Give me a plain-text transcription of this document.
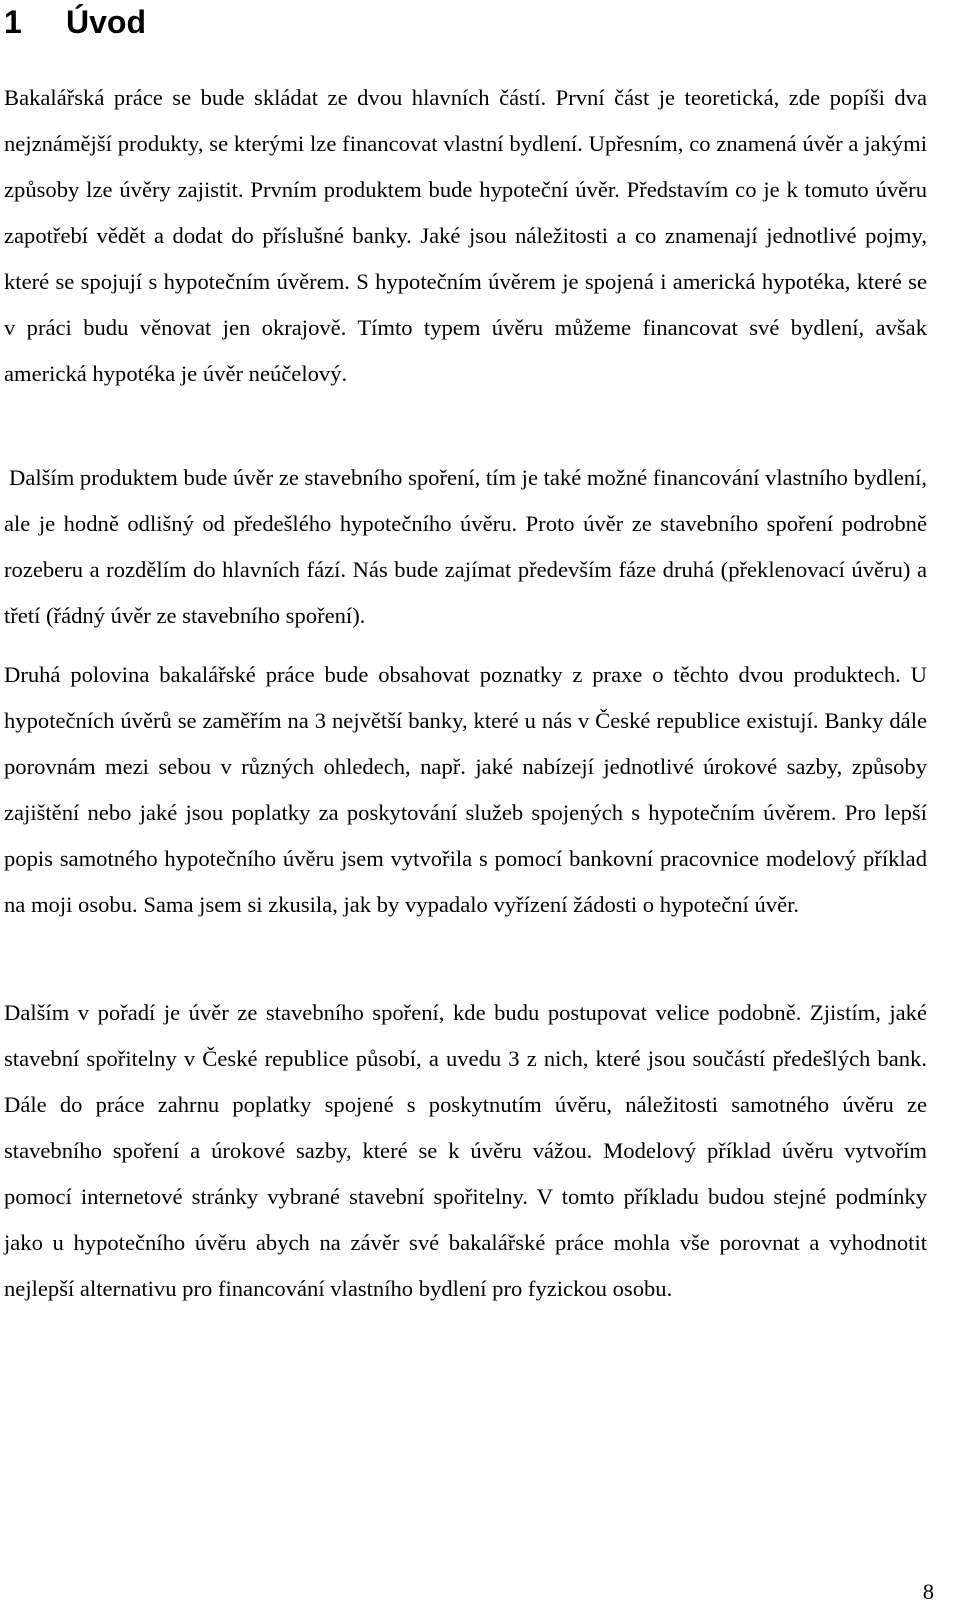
1 Úvod

Bakalářská práce se bude skládat ze dvou hlavních částí. První část je teoretická, zde popíši dva nejznámější produkty, se kterými lze financovat vlastní bydlení. Upřesním, co znamená úvěr a jakými způsoby lze úvěry zajistit. Prvním produktem bude hypoteční úvěr. Představím co je k tomuto úvěru zapotřebí vědět a dodat do příslušné banky. Jaké jsou náležitosti a co znamenají jednotlivé pojmy, které se spojují s hypotečním úvěrem. S hypotečním úvěrem je spojená i americká hypotéka, které se v práci budu věnovat jen okrajově. Tímto typem úvěru můžeme financovat své bydlení, avšak americká hypotéka je úvěr neúčelový.

Dalším produktem bude úvěr ze stavebního spoření, tím je také možné financování vlastního bydlení, ale je hodně odlišný od předešlého hypotečního úvěru. Proto úvěr ze stavebního spoření podrobně rozeberu a rozdělím do hlavních fází. Nás bude zajímat především fáze druhá (překlenovací úvěru) a třetí (řádný úvěr ze stavebního spoření).

Druhá polovina bakalářské práce bude obsahovat poznatky z praxe o těchto dvou produktech. U hypotečních úvěrů se zaměřím na 3 největší banky, které u nás v České republice existují. Banky dále porovnám mezi sebou v různých ohledech, např. jaké nabízejí jednotlivé úrokové sazby, způsoby zajištění nebo jaké jsou poplatky za poskytování služeb spojených s hypotečním úvěrem. Pro lepší popis samotného hypotečního úvěru jsem vytvořila s pomocí bankovní pracovnice modelový příklad na moji osobu. Sama jsem si zkusila, jak by vypadalo vyřízení žádosti o hypoteční úvěr.

Dalším v pořadí je úvěr ze stavebního spoření, kde budu postupovat velice podobně. Zjistím, jaké stavební spořitelny v České republice působí, a uvedu 3 z nich, které jsou součástí předešlých bank. Dále do práce zahrnu poplatky spojené s poskytnutím úvěru, náležitosti samotného úvěru ze stavebního spoření a úrokové sazby, které se k úvěru vážou. Modelový příklad úvěru vytvořím pomocí internetové stránky vybrané stavební spořitelny. V tomto příkladu budou stejné podmínky jako u hypotečního úvěru abych na závěr své bakalářské práce mohla vše porovnat a vyhodnotit nejlepší alternativu pro financování vlastního bydlení pro fyzickou osobu.

8
